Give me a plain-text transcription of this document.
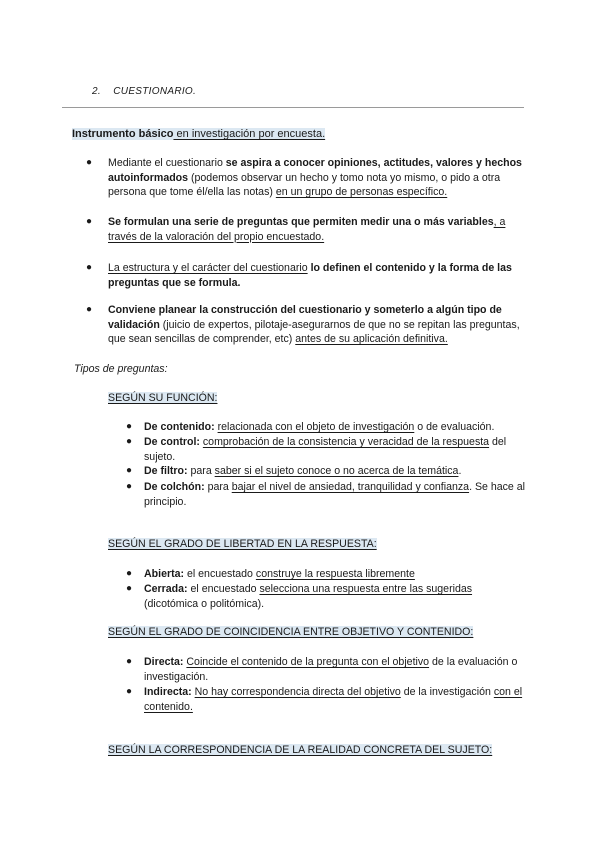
2. CUESTIONARIO.
Instrumento básico en investigación por encuesta.
● Mediante el cuestionario se aspira a conocer opiniones, actitudes, valores y hechos autoinformados (podemos observar un hecho y tomo nota yo mismo, o pido a otra persona que tome él/ella las notas) en un grupo de personas específico.
● Se formulan una serie de preguntas que permiten medir una o más variables, a través de la valoración del propio encuestado.
● La estructura y el carácter del cuestionario lo definen el contenido y la forma de las preguntas que se formula.
● Conviene planear la construcción del cuestionario y someterlo a algún tipo de validación (juicio de expertos, pilotaje-asegurarnos de que no se repitan las preguntas, que sean sencillas de comprender, etc) antes de su aplicación definitiva.
Tipos de preguntas:
SEGÚN SU FUNCIÓN:
● De contenido: relacionada con el objeto de investigación o de evaluación.
● De control: comprobación de la consistencia y veracidad de la respuesta del sujeto.
● De filtro: para saber si el sujeto conoce o no acerca de la temática.
● De colchón: para bajar el nivel de ansiedad, tranquilidad y confianza. Se hace al principio.
SEGÚN EL GRADO DE LIBERTAD EN LA RESPUESTA:
● Abierta: el encuestado construye la respuesta libremente
● Cerrada: el encuestado selecciona una respuesta entre las sugeridas (dicotómica o politómica).
SEGÚN EL GRADO DE COINCIDENCIA ENTRE OBJETIVO Y CONTENIDO:
● Directa: Coincide el contenido de la pregunta con el objetivo de la evaluación o investigación.
● Indirecta: No hay correspondencia directa del objetivo de la investigación con el contenido.
SEGÚN LA CORRESPONDENCIA DE LA REALIDAD CONCRETA DEL SUJETO:
